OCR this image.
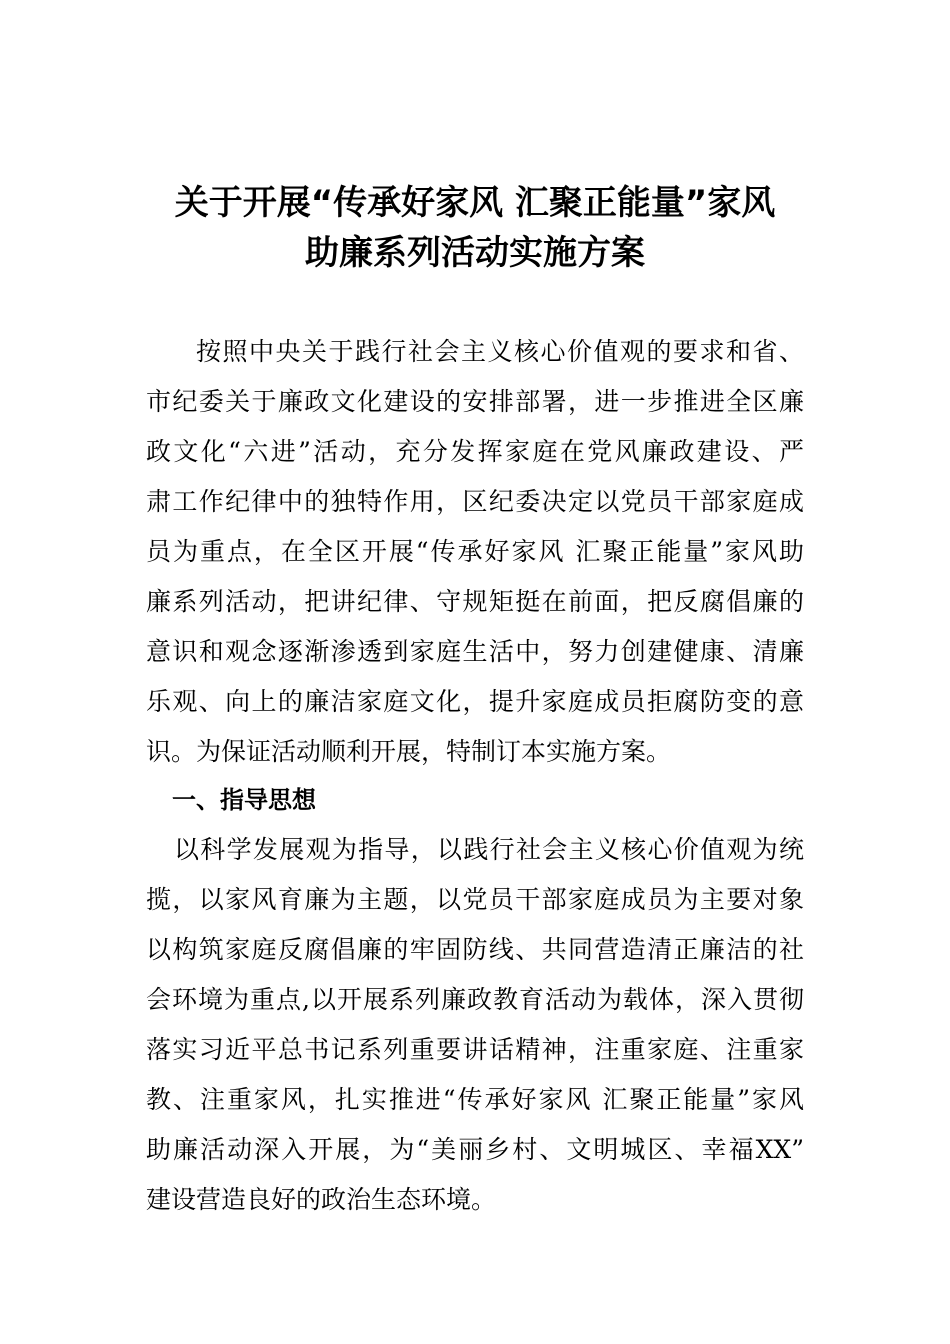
关于开展“传承好家风 汇聚正能量”家风
助廉系列活动实施方案
按照中央关于践行社会主义核心价值观的要求和省、
市纪委关于廉政文化建设的安排部署，进一步推进全区廉
政文化“六进”活动，充分发挥家庭在党风廉政建设、严
肃工作纪律中的独特作用，区纪委决定以党员干部家庭成
员为重点，在全区开展“传承好家风 汇聚正能量”家风助
廉系列活动，把讲纪律、守规矩挺在前面，把反腐倡廉的
意识和观念逐渐渗透到家庭生活中，努力创建健康、清廉
乐观、向上的廉洁家庭文化，提升家庭成员拒腐防变的意
识。为保证活动顺利开展，特制订本实施方案。
一、指导思想
以科学发展观为指导，以践行社会主义核心价值观为统
揽，以家风育廉为主题，以党员干部家庭成员为主要对象
以构筑家庭反腐倡廉的牢固防线、共同营造清正廉洁的社
会环境为重点,以开展系列廉政教育活动为载体，深入贯彻
落实习近平总书记系列重要讲话精神，注重家庭、注重家
教、注重家风，扎实推进“传承好家风 汇聚正能量”家风
助廉活动深入开展，为“美丽乡村、文明城区、幸福XX”
建设营造良好的政治生态环境。
